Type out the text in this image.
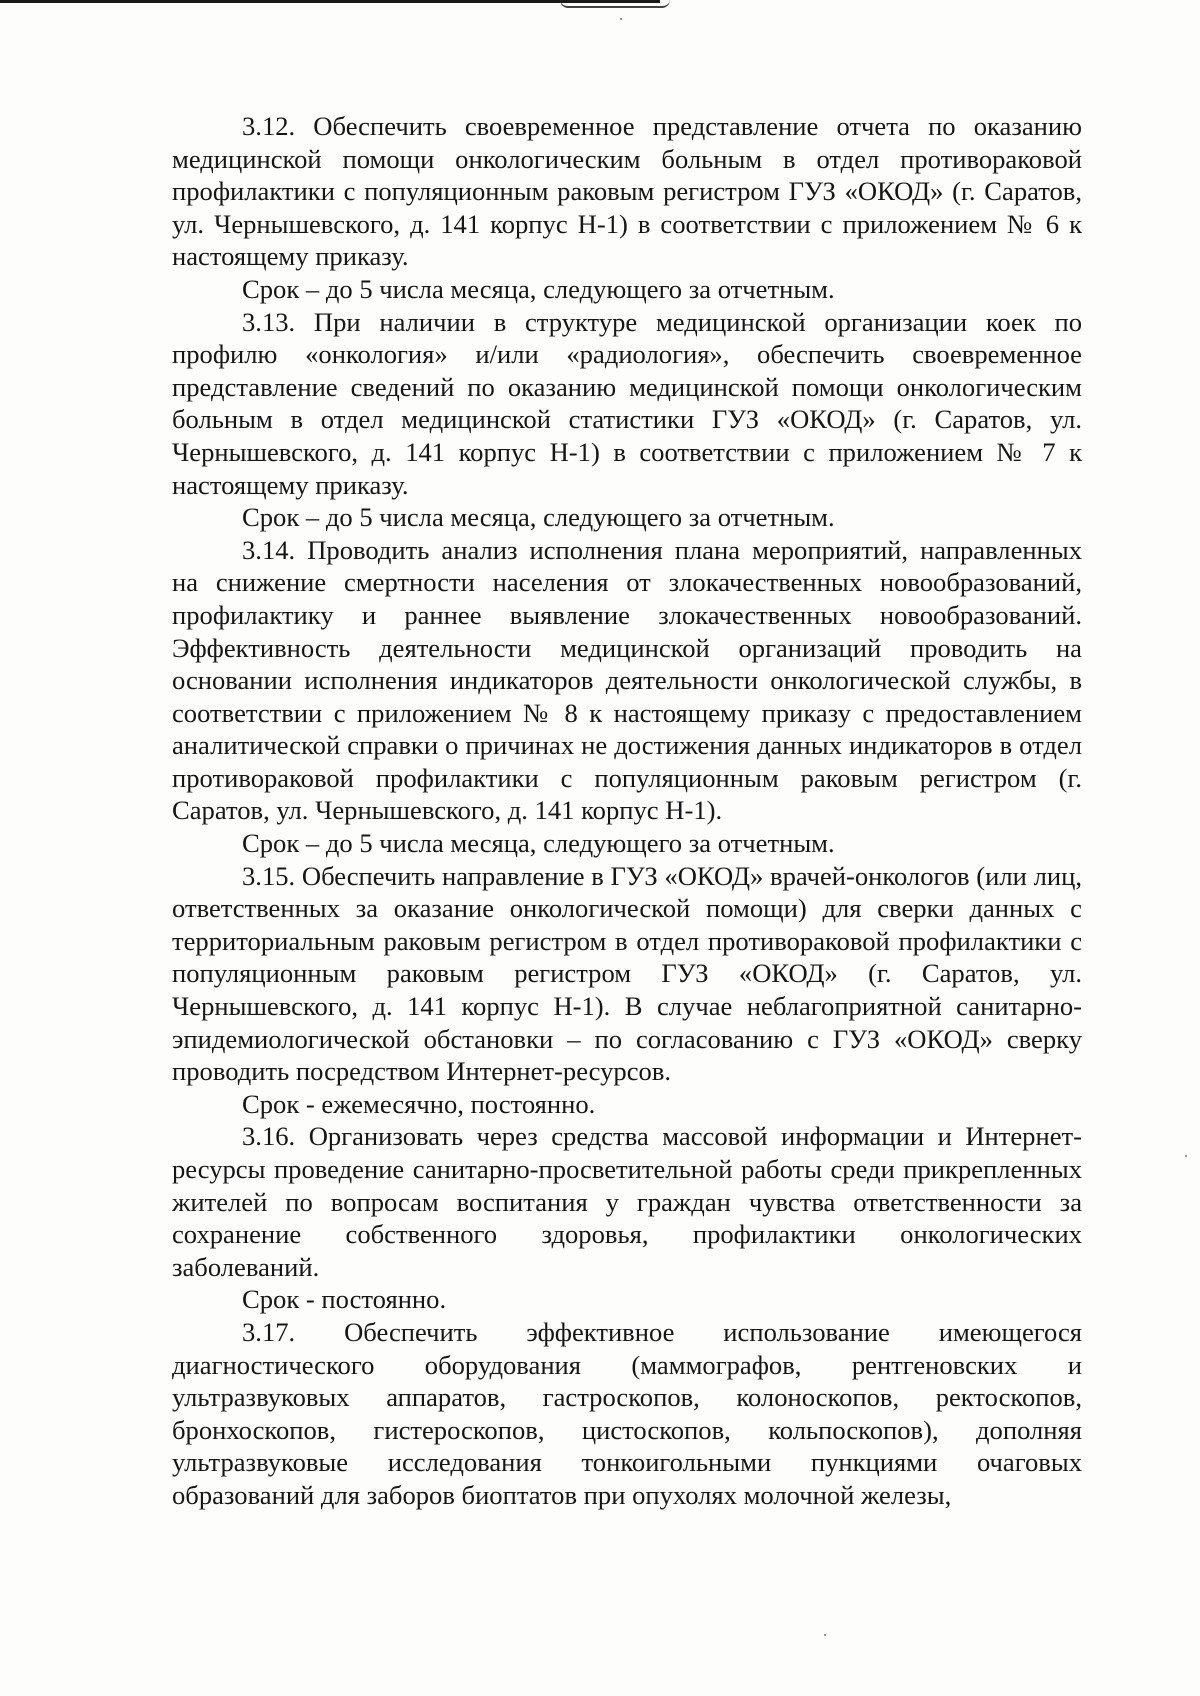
3.12. Обеспечить своевременное представление отчета по оказанию медицинской помощи онкологическим больным в отдел противораковой профилактики с популяционным раковым регистром ГУЗ «ОКОД» (г. Саратов, ул. Чернышевского, д. 141 корпус Н-1) в соответствии с приложением № 6 к настоящему приказу.

Срок – до 5 числа месяца, следующего за отчетным.

3.13. При наличии в структуре медицинской организации коек по профилю «онкология» и/или «радиология», обеспечить своевременное представление сведений по оказанию медицинской помощи онкологическим больным в отдел медицинской статистики ГУЗ «ОКОД» (г. Саратов, ул. Чернышевского, д. 141 корпус Н-1) в соответствии с приложением № 7 к настоящему приказу.

Срок – до 5 числа месяца, следующего за отчетным.

3.14. Проводить анализ исполнения плана мероприятий, направленных на снижение смертности населения от злокачественных новообразований, профилактику и раннее выявление злокачественных новообразований. Эффективность деятельности медицинской организаций проводить на основании исполнения индикаторов деятельности онкологической службы, в соответствии с приложением № 8 к настоящему приказу с предоставлением аналитической справки о причинах не достижения данных индикаторов в отдел противораковой профилактики с популяционным раковым регистром (г. Саратов, ул. Чернышевского, д. 141 корпус Н-1).

Срок – до 5 числа месяца, следующего за отчетным.

3.15. Обеспечить направление в ГУЗ «ОКОД» врачей-онкологов (или лиц, ответственных за оказание онкологической помощи) для сверки данных с территориальным раковым регистром в отдел противораковой профилактики с популяционным раковым регистром ГУЗ «ОКОД» (г. Саратов, ул. Чернышевского, д. 141 корпус Н-1). В случае неблагоприятной санитарно-эпидемиологической обстановки – по согласованию с ГУЗ «ОКОД» сверку проводить посредством Интернет-ресурсов.

Срок - ежемесячно, постоянно.

3.16. Организовать через средства массовой информации и Интернет-ресурсы проведение санитарно-просветительной работы среди прикрепленных жителей по вопросам воспитания у граждан чувства ответственности за сохранение собственного здоровья, профилактики онкологических заболеваний.

Срок - постоянно.

3.17. Обеспечить эффективное использование имеющегося диагностического оборудования (маммографов, рентгеновских и ультразвуковых аппаратов, гастроскопов, колоноскопов, ректоскопов, бронхоскопов, гистероскопов, цистоскопов, кольпоскопов), дополняя ультразвуковые исследования тонкоигольными пункциями очаговых образований для заборов биоптатов при опухолях молочной железы,
